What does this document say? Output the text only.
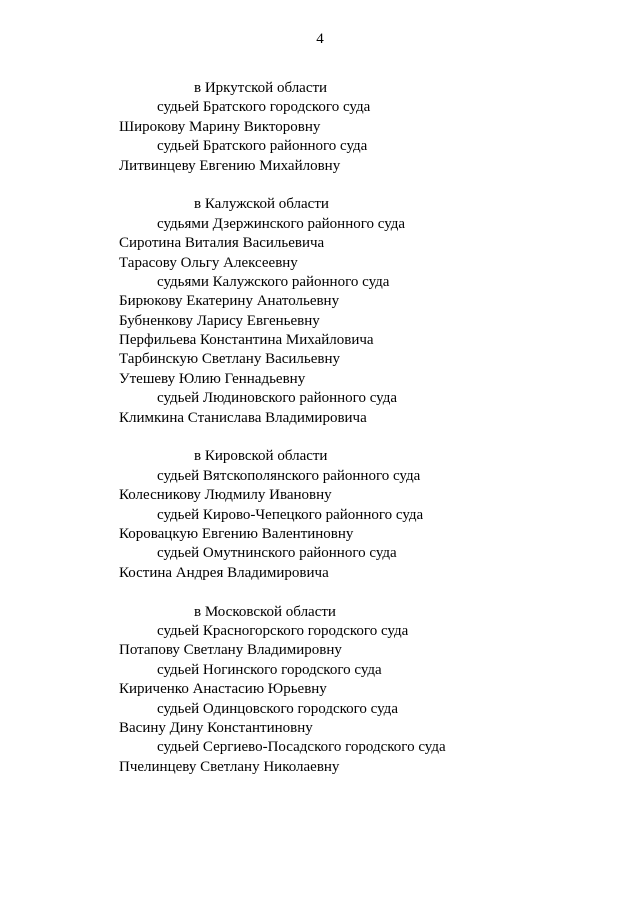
4
в Иркутской области
судьей Братского городского суда
Широкову Марину Викторовну
судьей Братского районного суда
Литвинцеву Евгению Михайловну
в Калужской области
судьями Дзержинского районного суда
Сиротина Виталия Васильевича
Тарасову Ольгу Алексеевну
судьями Калужского районного суда
Бирюкову Екатерину Анатольевну
Бубненкову Ларису Евгеньевну
Перфильева Константина Михайловича
Тарбинскую Светлану Васильевну
Утешеву Юлию Геннадьевну
судьей Людиновского районного суда
Климкина Станислава Владимировича
в Кировской области
судьей Вятскополянского районного суда
Колесникову Людмилу Ивановну
судьей Кирово-Чепецкого районного суда
Коровацкую Евгению Валентиновну
судьей Омутнинского районного суда
Костина Андрея Владимировича
в Московской области
судьей Красногорского городского суда
Потапову Светлану Владимировну
судьей Ногинского городского суда
Кириченко Анастасию Юрьевну
судьей Одинцовского городского суда
Васину Дину Константиновну
судьей Сергиево-Посадского городского суда
Пчелинцеву Светлану Николаевну
